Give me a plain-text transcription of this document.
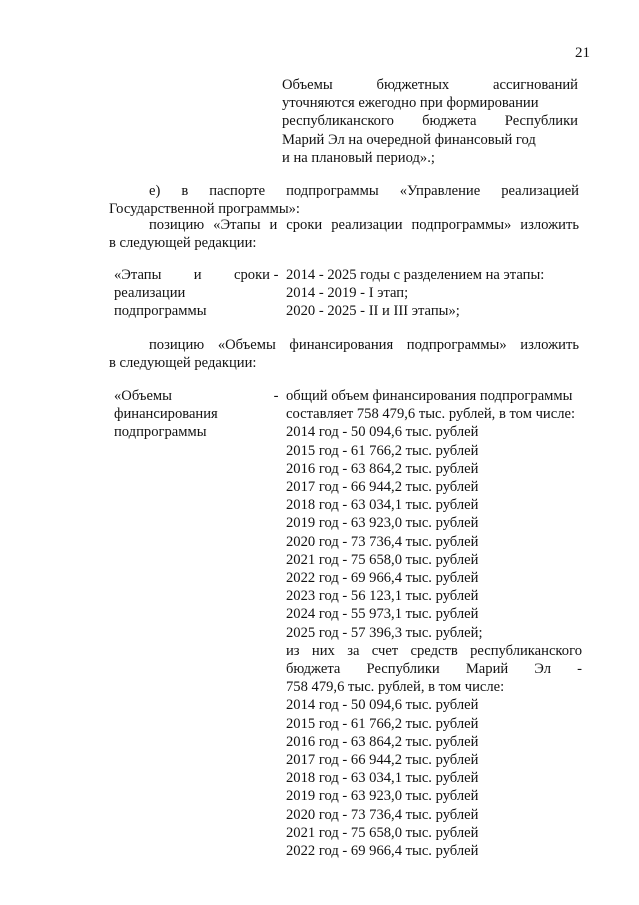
21
Объемы бюджетных ассигнований
уточняются ежегодно при формировании
республиканского бюджета Республики
Марий Эл на очередной финансовый год
и на плановый период».;
е) в паспорте подпрограммы «Управление реализацией
Государственной программы»:
позицию «Этапы и сроки реализации подпрограммы» изложить
в следующей редакции:
«Этапы и сроки
реализации
подпрограммы
- 2014 - 2025 годы с разделением на этапы:
2014 - 2019 - I этап;
2020 - 2025 - II и III этапы»;
позицию «Объемы финансирования подпрограммы» изложить
в следующей редакции:
«Объемы
финансирования
подпрограммы
- общий объем финансирования подпрограммы
составляет 758 479,6 тыс. рублей, в том числе:
2014 год - 50 094,6 тыс. рублей
2015 год - 61 766,2 тыс. рублей
2016 год - 63 864,2 тыс. рублей
2017 год - 66 944,2 тыс. рублей
2018 год - 63 034,1 тыс. рублей
2019 год - 63 923,0 тыс. рублей
2020 год - 73 736,4 тыс. рублей
2021 год - 75 658,0 тыс. рублей
2022 год - 69 966,4 тыс. рублей
2023 год - 56 123,1 тыс. рублей
2024 год - 55 973,1 тыс. рублей
2025 год - 57 396,3 тыс. рублей;
из них за счет средств республиканского
бюджета Республики Марий Эл -
758 479,6 тыс. рублей, в том числе:
2014 год - 50 094,6 тыс. рублей
2015 год - 61 766,2 тыс. рублей
2016 год - 63 864,2 тыс. рублей
2017 год - 66 944,2 тыс. рублей
2018 год - 63 034,1 тыс. рублей
2019 год - 63 923,0 тыс. рублей
2020 год - 73 736,4 тыс. рублей
2021 год - 75 658,0 тыс. рублей
2022 год - 69 966,4 тыс. рублей
